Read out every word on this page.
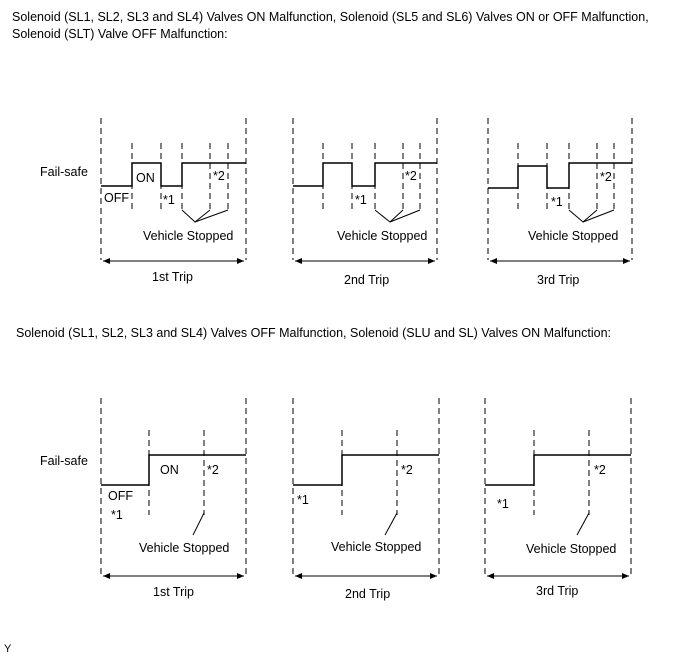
Solenoid (SL1, SL2, SL3 and SL4) Valves ON Malfunction, Solenoid (SL5 and SL6) Valves ON or OFF Malfunction, Solenoid (SLT) Valve OFF Malfunction:

Fail-safe	ON
OFF	*1
*2
Vehicle Stopped
1st Trip
*1
*2
Vehicle Stopped
2nd Trip
*1
*2
Vehicle Stopped
3rd Trip

Solenoid (SL1, SL2, SL3 and SL4) Valves OFF Malfunction, Solenoid (SLU and SL) Valves ON Malfunction:

Fail-safe
ON
OFF
*1
*2
Vehicle Stopped
1st Trip
*1
*2
Vehicle Stopped
2nd Trip
*1
*2
Vehicle Stopped
3rd Trip
Y
